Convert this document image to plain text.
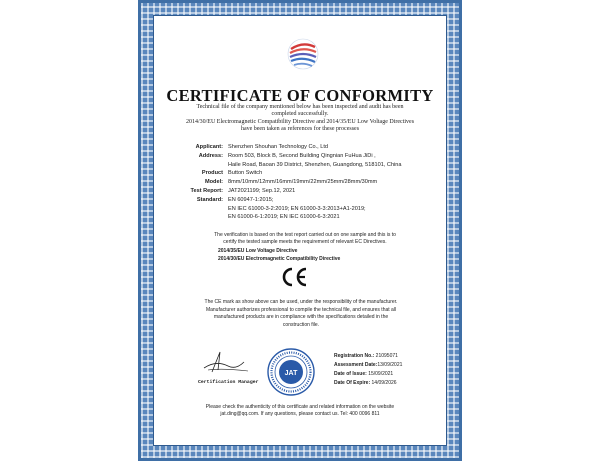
CERTIFICATE OF CONFORMITY
Technical file of the company mentioned below has been inspected and audit has been
completed successfully.
2014/30/EU Electromagnetic Compatibility Directive and 2014/35/EU Low Voltage Directives
have been taken as references for these processes
Applicant: Shenzhen Shouhan Technology Co., Ltd
Address: Room 503, Block B, Second Building Qingnian FuHua JiDi ,
Haile Road, Baoan 39 District, Shenzhen, Guangdong, 518101, China
Product Button Switch
Model: 8mm/10mm/12mm/16mm/19mm/22mm/25mm/28mm/30mm
Test Report: JAT2021199; Sep.12, 2021
Standard: EN 60947-1:2015;
EN IEC 61000-3-2:2019; EN 61000-3-3:2013+A1-2019;
EN 61000-6-1:2019; EN IEC 61000-6-3:2021
The verification is based on the test report carried out on one sample and this is to
certify the tested sample meets the requirement of relevant EC Directives.
2014/35/EU Low Voltage Directive
2014/30/EU Electromagnetic Compatibility Directive
The CE mark as show above can be used, under the responsibility of the manufacturer.
Manufacturer authorizes professional to compile the technical file, and ensures that all
manufactured products are in compliance with the specifications detailed in the
construction file.
Certification Manager
JAT
Registration No.: 21095071
Assessment Date:13/09/2021
Date of Issue: 15/09/2021
Date Of Expire: 14/09/2026
Please check the authenticity of this certificate and related information on the website
jat.ding@qq.com. If any questions, please contact us. Tel: 400 0096 811
